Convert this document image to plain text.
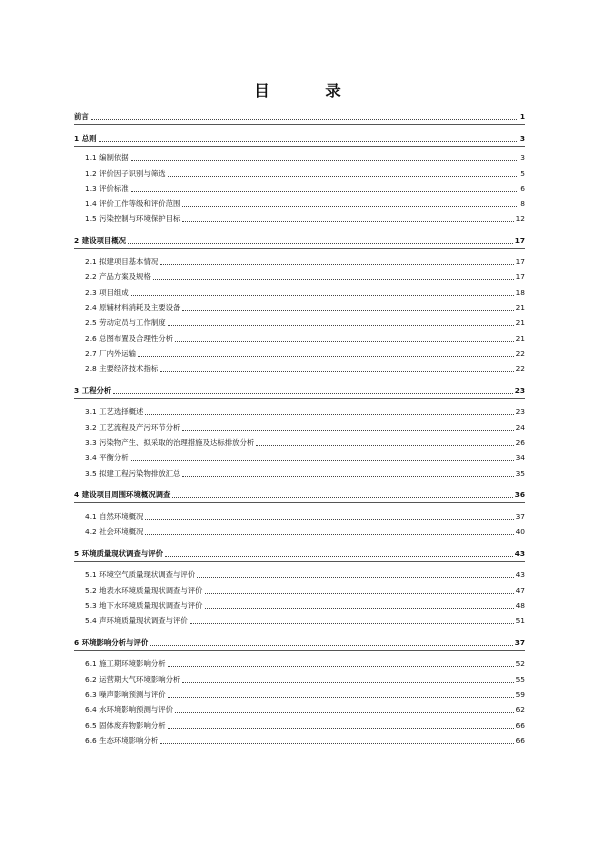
目　录
前言	1
1 总则	3
1.1 编制依据	3
1.2 评价因子识别与筛选	5
1.3 评价标准	6
1.4 评价工作等级和评价范围	8
1.5 污染控制与环境保护目标	12
2 建设项目概况	17
2.1 拟建项目基本情况	17
2.2 产品方案及规格	17
2.3 项目组成	18
2.4 原辅材料消耗及主要设备	21
2.5 劳动定员与工作制度	21
2.6 总图布置及合理性分析	21
2.7 厂内外运输	22
2.8 主要经济技术指标	22
3 工程分析	23
3.1 工艺选择概述	23
3.2 工艺流程及产污环节分析	24
3.3 污染物产生、拟采取的治理措施及达标排放分析	26
3.4 平衡分析	34
3.5 拟建工程污染物排放汇总	35
4 建设项目周围环境概况调查	36
4.1 自然环境概况	37
4.2 社会环境概况	40
5 环境质量现状调查与评价	43
5.1 环境空气质量现状调查与评价	43
5.2 地表水环境质量现状调查与评价	47
5.3 地下水环境质量现状调查与评价	48
5.4 声环境质量现状调查与评价	51
6 环境影响分析与评价	37
6.1 施工期环境影响分析	52
6.2 运营期大气环境影响分析	55
6.3 噪声影响预测与评价	59
6.4 水环境影响预测与评价	62
6.5 固体废弃物影响分析	66
6.6 生态环境影响分析	66
